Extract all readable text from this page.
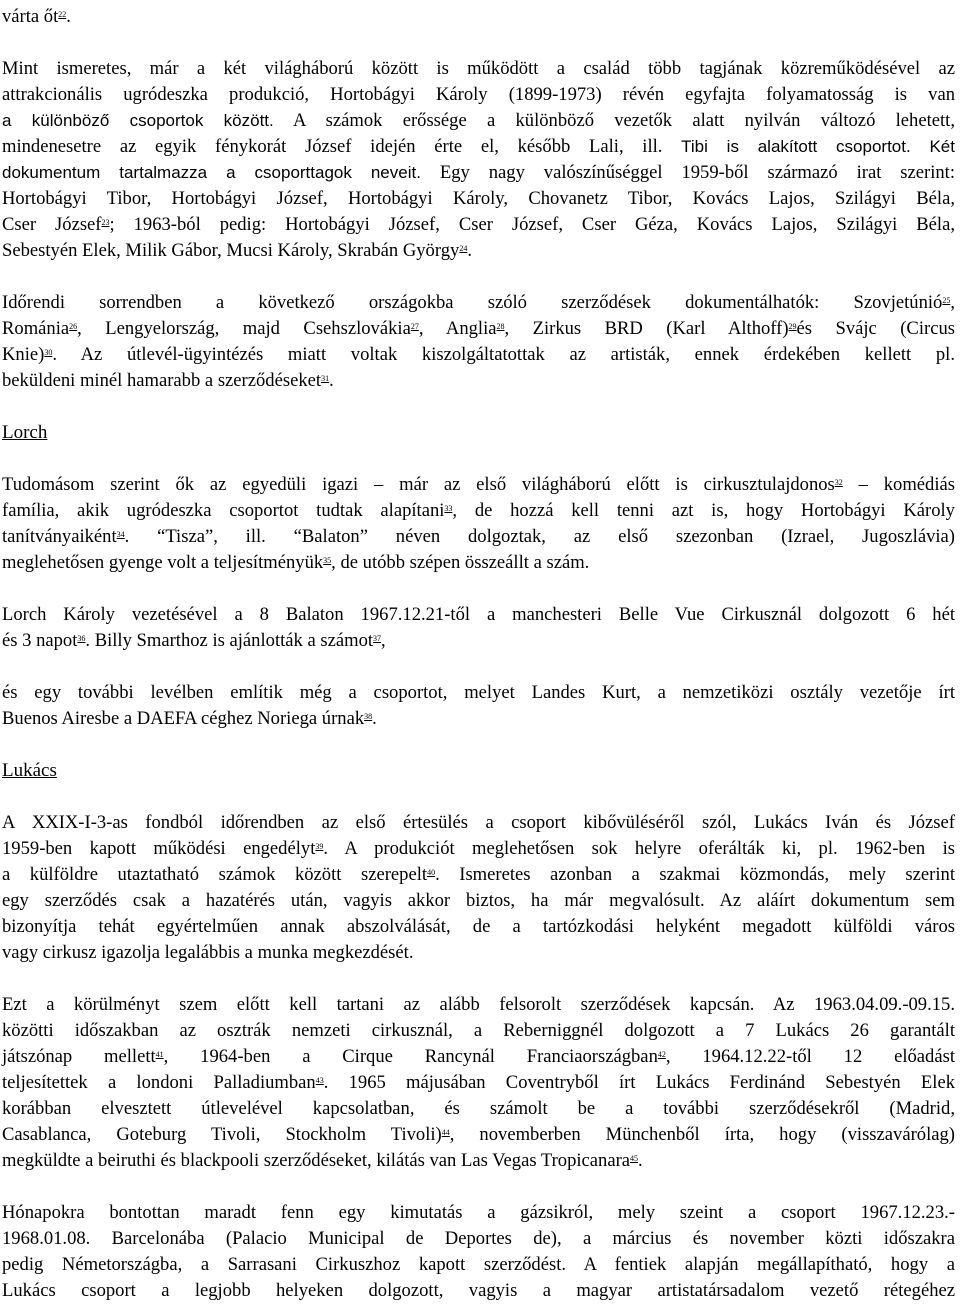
várta őt$^{22}$.
Mint ismeretes, már a két világháború között is működött a család több tagjának közreműködésével az
attrakcionális ugródeszka produkció, Hortobágyi Károly (1899-1973) révén egyfajta folyamatosság is van
a különböző csoportok között. A számok erőssége a különböző vezetők alatt nyilván változó lehetett,
mindenesetre az egyik fénykorát József idején érte el, később Lali, ill. Tibi is alakított csoportot. Két
dokumentum tartalmazza a csoporttagok neveit. Egy nagy valószínűséggel 1959-ből származó irat szerint:
Hortobágyi Tibor, Hortobágyi József, Hortobágyi Károly, Chovanetz Tibor, Kovács Lajos, Szilágyi Béla,
Cser József$^{23}$; 1963-ból pedig: Hortobágyi József, Cser József, Cser Géza, Kovács Lajos, Szilágyi Béla,
Sebestyén Elek, Milik Gábor, Mucsi Károly, Skrabán György$^{24}$.
Időrendi sorrendben a következő országokba szóló szerződések dokumentálhatók: Szovjetúnió$^{25}$,
Románia$^{26}$, Lengyelország, majd Csehszlovákia$^{27}$, Anglia$^{28}$, Zirkus BRD (Karl Althoff)$^{29}$és Svájc (Circus
Knie)$^{30}$. Az útlevél-ügyintézés miatt voltak kiszolgáltatottak az artisták, ennek érdekében kellett pl.
beküldeni minél hamarabb a szerződéseket$^{31}$.
Lorch
Tudomásom szerint ők az egyedüli igazi – már az első világháború előtt is cirkusztulajdonos$^{32}$ – komédiás
família, akik ugródeszka csoportot tudtak alapítani$^{33}$, de hozzá kell tenni azt is, hogy Hortobágyi Károly
tanítványaiként$^{34}$. “Tisza”, ill. “Balaton” néven dolgoztak, az első szezonban (Izrael, Jugoszlávia)
meglehetősen gyenge volt a teljesítményük$^{35}$, de utóbb szépen összeállt a szám.
Lorch Károly vezetésével a 8 Balaton 1967.12.21-től a manchesteri Belle Vue Cirkusznál dolgozott 6 hét
és 3 napot$^{36}$. Billy Smarthoz is ajánlották a számot$^{37}$,
és egy további levélben említik még a csoportot, melyet Landes Kurt, a nemzetiközi osztály vezetője írt
Buenos Airesbe a DAEFA céghez Noriega úrnak$^{38}$.
Lukács
A XXIX-I-3-as fondból időrendben az első értesülés a csoport kibővüléséről szól, Lukács Iván és József
1959-ben kapott működési engedélyt$^{39}$. A produkciót meglehetősen sok helyre oferálták ki, pl. 1962-ben is
a külföldre utaztatható számok között szerepelt$^{40}$. Ismeretes azonban a szakmai közmondás, mely szerint
egy szerződés csak a hazatérés után, vagyis akkor biztos, ha már megvalósult. Az aláírt dokumentum sem
bizonyítja tehát egyértelműen annak abszolválását, de a tartózkodási helyként megadott külföldi város
vagy cirkusz igazolja legalábbis a munka megkezdését.
Ezt a körülményt szem előtt kell tartani az alább felsorolt szerződések kapcsán. Az 1963.04.09.-09.15.
közötti időszakban az osztrák nemzeti cirkusznál, a Reberniggnél dolgozott a 7 Lukács 26 garantált
játszónap mellett$^{41}$, 1964-ben a Cirque Rancynál Franciaországban$^{42}$, 1964.12.22-től 12 előadást
teljesítettek a londoni Palladiumban$^{43}$. 1965 májusában Coventryből írt Lukács Ferdinánd Sebestyén Elek
korábban elvesztett útlevelével kapcsolatban, és számolt be a további szerződésekről (Madrid,
Casablanca, Goteburg Tivoli, Stockholm Tivoli)$^{44}$, novemberben Münchenből írta, hogy (visszavárólag)
megküldte a beiruthi és blackpooli szerződéseket, kilátás van Las Vegas Tropicanara$^{45}$.
Hónapokra bontottan maradt fenn egy kimutatás a gázsikról, mely szeint a csoport 1967.12.23.-
1968.01.08. Barcelonába (Palacio Municipal de Deportes de), a március és november közti időszakra
pedig Németországba, a Sarrasani Cirkuszhoz kapott szerződést. A fentiek alapján megállapítható, hogy a
Lukács csoport a legjobb helyeken dolgozott, vagyis a magyar artistatársadalom vezető rétegéhez
